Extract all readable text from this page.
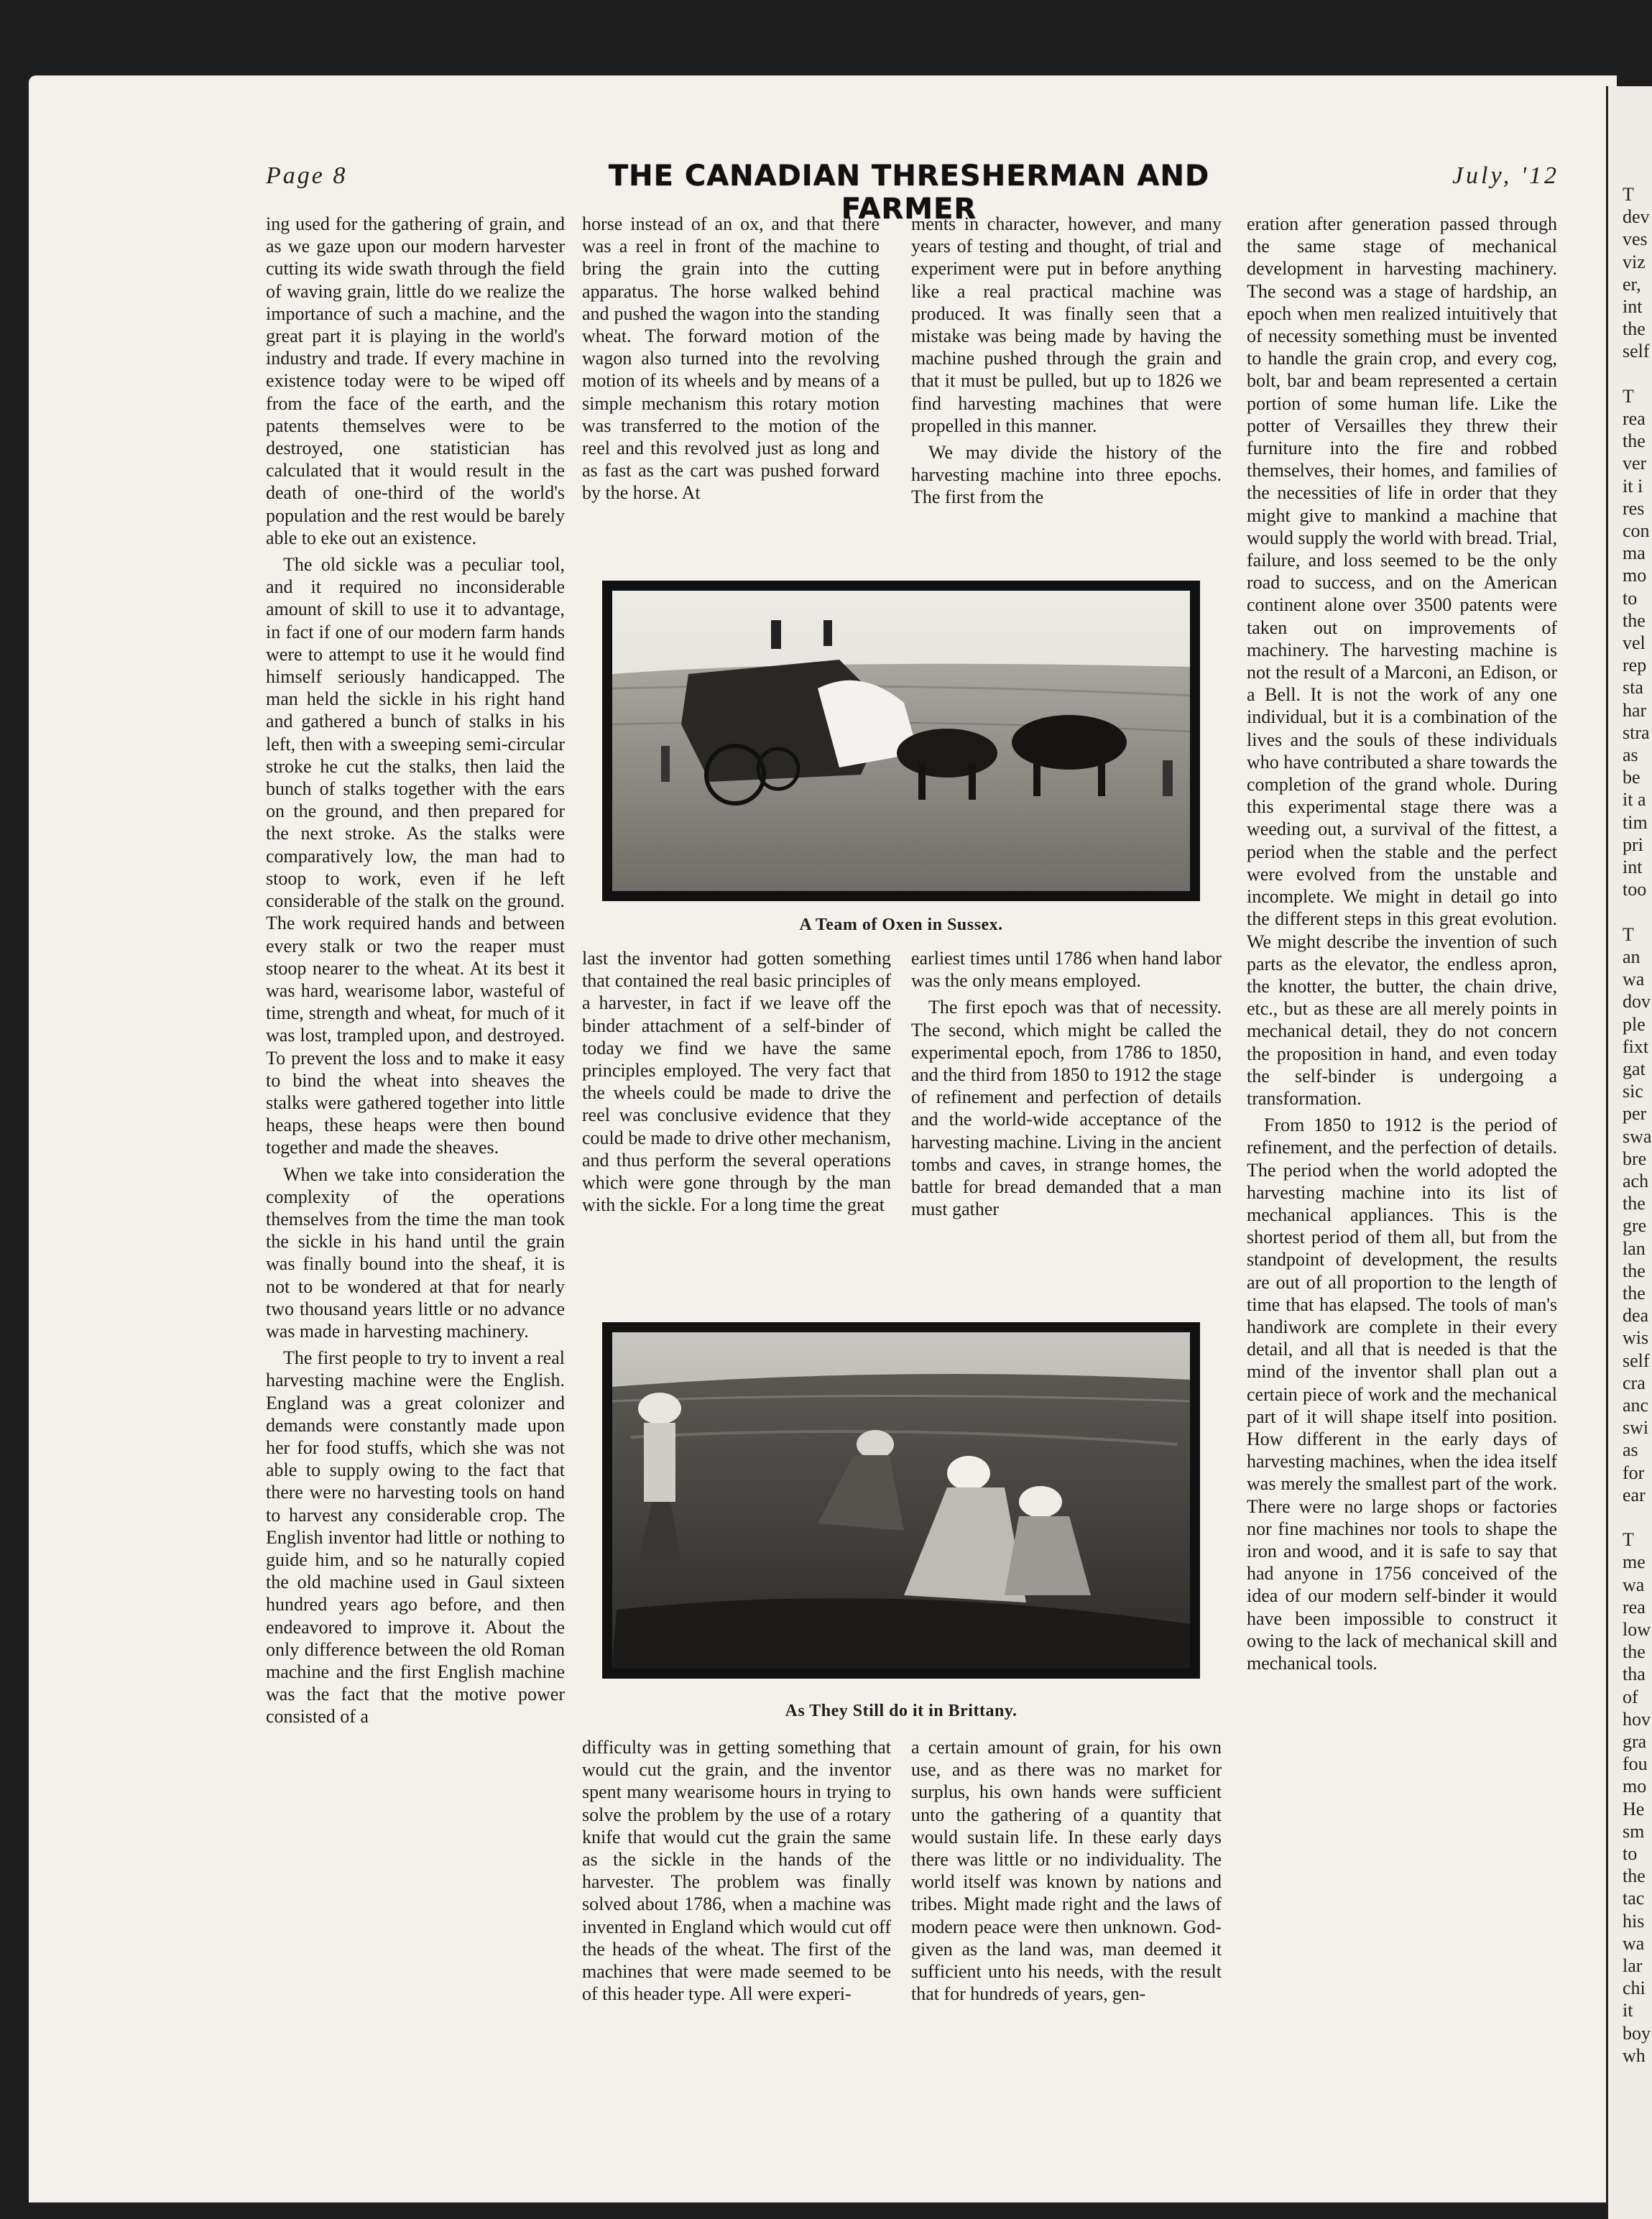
T
dev
ves
viz
er,
int
the
self

T
rea
the
ver
it i
res
con
ma
mo
to
the
vel
rep
sta
har
stra
as
be
it a
tim
pri
int
too

T
an
wa
dov
ple
fixt
gat
sic
per
swa
bre
ach
the
gre
lan
the
the
dea
wis
self
cra
anc
swi
as
for
ear

T
me
wa
rea
low
the
tha
of
hov
gra
fou
mo
He
sm
to
the
tac
his
wa
lar
chi
it
boy
wh
Page 8	THE CANADIAN THRESHERMAN AND FARMER
July, '12

ing used for the gathering of grain, and as we gaze upon our modern harvester cutting its wide swath through the field of waving grain, little do we realize the importance of such a machine, and the great part it is playing in the world's industry and trade. If every machine in existence today were to be wiped off from the face of the earth, and the patents themselves were to be destroyed, one statistician has calculated that it would result in the death of one-third of the world's population and the rest would be barely able to eke out an existence.

The old sickle was a peculiar tool, and it required no inconsiderable amount of skill to use it to advantage, in fact if one of our modern farm hands were to attempt to use it he would find himself seriously handicapped. The man held the sickle in his right hand and gathered a bunch of stalks in his left, then with a sweeping semi-circular stroke he cut the stalks, then laid the bunch of stalks together with the ears on the ground, and then prepared for the next stroke. As the stalks were comparatively low, the man had to stoop to work, even if he left considerable of the stalk on the ground. The work required hands and between every stalk or two the reaper must stoop nearer to the wheat. At its best it was hard, wearisome labor, wasteful of time, strength and wheat, for much of it was lost, trampled upon, and destroyed. To prevent the loss and to make it easy to bind the wheat into sheaves the stalks were gathered together into little heaps, these heaps were then bound together and made the sheaves.

When we take into consideration the complexity of the operations themselves from the time the man took the sickle in his hand until the grain was finally bound into the sheaf, it is not to be wondered at that for nearly two thousand years little or no advance was made in harvesting machinery.

The first people to try to invent a real harvesting machine were the English. England was a great colonizer and demands were constantly made upon her for food stuffs, which she was not able to supply owing to the fact that there were no harvesting tools on hand to harvest any considerable crop. The English inventor had little or nothing to guide him, and so he naturally copied the old machine used in Gaul sixteen hundred years ago before, and then endeavored to improve it. About the only difference between the old Roman machine and the first English machine was the fact that the motive power consisted of a

horse instead of an ox, and that there was a reel in front of the machine to bring the grain into the cutting apparatus. The horse walked behind and pushed the wagon into the standing wheat. The forward motion of the wagon also turned into the revolving motion of its wheels and by means of a simple mechanism this rotary motion was transferred to the motion of the reel and this revolved just as long and as fast as the cart was pushed forward by the horse. At

ments in character, however, and many years of testing and thought, of trial and experiment were put in before anything like a real practical machine was produced. It was finally seen that a mistake was being made by having the machine pushed through the grain and that it must be pulled, but up to 1826 we find harvesting machines that were propelled in this manner.

We may divide the history of the harvesting machine into three epochs. The first from the

eration after generation passed through the same stage of mechanical development in harvesting machinery. The second was a stage of hardship, an epoch when men realized intuitively that of necessity something must be invented to handle the grain crop, and every cog, bolt, bar and beam represented a certain portion of some human life. Like the potter of Versailles they threw their furniture into the fire and robbed themselves, their homes, and families of the necessities of life in order that they might give to mankind a machine that would supply the world with bread. Trial, failure, and loss seemed to be the only road to success, and on the American continent alone over 3500 patents were taken out on improvements of machinery. The harvesting machine is not the result of a Marconi, an Edison, or a Bell. It is not the work of any one individual, but it is a combination of the lives and the souls of these individuals who have contributed a share towards the completion of the grand whole. During this experimental stage there was a weeding out, a survival of the fittest, a period when the stable and the perfect were evolved from the unstable and incomplete. We might in detail go into the different steps in this great evolution. We might describe the invention of such parts as the elevator, the endless apron, the knotter, the butter, the chain drive, etc., but as these are all merely points in mechanical detail, they do not concern the proposition in hand, and even today the self-binder is undergoing a transformation.

From 1850 to 1912 is the period of refinement, and the perfection of details. The period when the world adopted the harvesting machine into its list of mechanical appliances. This is the shortest period of them all, but from the standpoint of development, the results are out of all proportion to the length of time that has elapsed. The tools of man's handiwork are complete in their every detail, and all that is needed is that the mind of the inventor shall plan out a certain piece of work and the mechanical part of it will shape itself into position. How different in the early days of harvesting machines, when the idea itself was merely the smallest part of the work. There were no large shops or factories nor fine machines nor tools to shape the iron and wood, and it is safe to say that had anyone in 1756 conceived of the idea of our modern self-binder it would have been impossible to construct it owing to the lack of mechanical skill and mechanical tools.

A Team of Oxen in Sussex.

last the inventor had gotten something that contained the real basic principles of a harvester, in fact if we leave off the binder attachment of a self-binder of today we find we have the same principles employed. The very fact that the wheels could be made to drive the reel was conclusive evidence that they could be made to drive other mechanism, and thus perform the several operations which were gone through by the man with the sickle. For a long time the great

earliest times until 1786 when hand labor was the only means employed.

The first epoch was that of necessity. The second, which might be called the experimental epoch, from 1786 to 1850, and the third from 1850 to 1912 the stage of refinement and perfection of details and the world-wide acceptance of the harvesting machine. Living in the ancient tombs and caves, in strange homes, the battle for bread demanded that a man must gather

As They Still do it in Brittany.

difficulty was in getting something that would cut the grain, and the inventor spent many wearisome hours in trying to solve the problem by the use of a rotary knife that would cut the grain the same as the sickle in the hands of the harvester. The problem was finally solved about 1786, when a machine was invented in England which would cut off the heads of the wheat. The first of the machines that were made seemed to be of this header type. All were experi-

a certain amount of grain, for his own use, and as there was no market for surplus, his own hands were sufficient unto the gathering of a quantity that would sustain life. In these early days there was little or no individuality. The world itself was known by nations and tribes. Might made right and the laws of modern peace were then unknown. God-given as the land was, man deemed it sufficient unto his needs, with the result that for hundreds of years, gen-
